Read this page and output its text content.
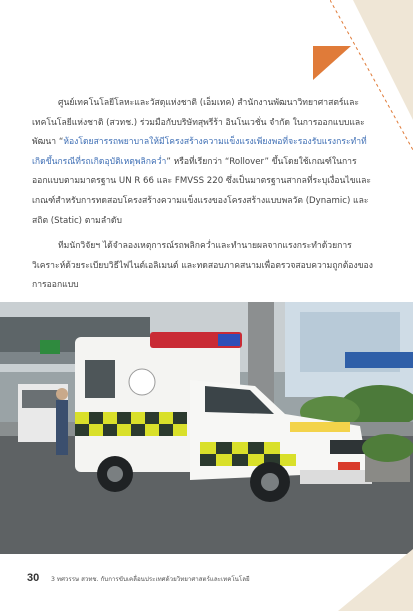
ศูนย์เทคโนโลยีโลหะและวัสดุแห่งชาติ (เอ็มเทค) สำนักงานพัฒนาวิทยาศาสตร์และเทคโนโลยีแห่งชาติ (สวทช.) ร่วมมือกับบริษัทสุพรีร้า อินโนเวชั่น จำกัด ในการออกแบบและพัฒนา “ห้องโดยสารรถพยาบาลให้มีโครงสร้างความแข็งแรงเพียงพอที่จะรองรับแรงกระทำที่เกิดขึ้นกรณีที่รถเกิดอุบัติเหตุพลิกคว่ำ” หรือที่เรียกว่า “Rollover” ขึ้นโดยใช้เกณฑ์ในการออกแบบตามมาตรฐาน UN R 66 และ FMVSS 220 ซึ่งเป็นมาตรฐานสากลที่ระบุเงื่อนไขและเกณฑ์สำหรับการทดสอบโครงสร้างความแข็งแรงของโครงสร้างแบบพลวัต (Dynamic) และสถิต (Static) ตามลำดับ

ทีมนักวิจัยฯ ได้จำลองเหตุการณ์รถพลิกคว่ำและทำนายผลจากแรงกระทำด้วยการวิเคราะห์ด้วยระเบียบวิธีไฟไนต์เอลิเมนต์ และทดสอบภาคสนามเพื่อตรวจสอบความถูกต้องของการออกแบบ

30 3 ทศวรรษ สวทช. กับการขับเคลื่อนประเทศด้วยวิทยาศาสตร์และเทคโนโลยี
